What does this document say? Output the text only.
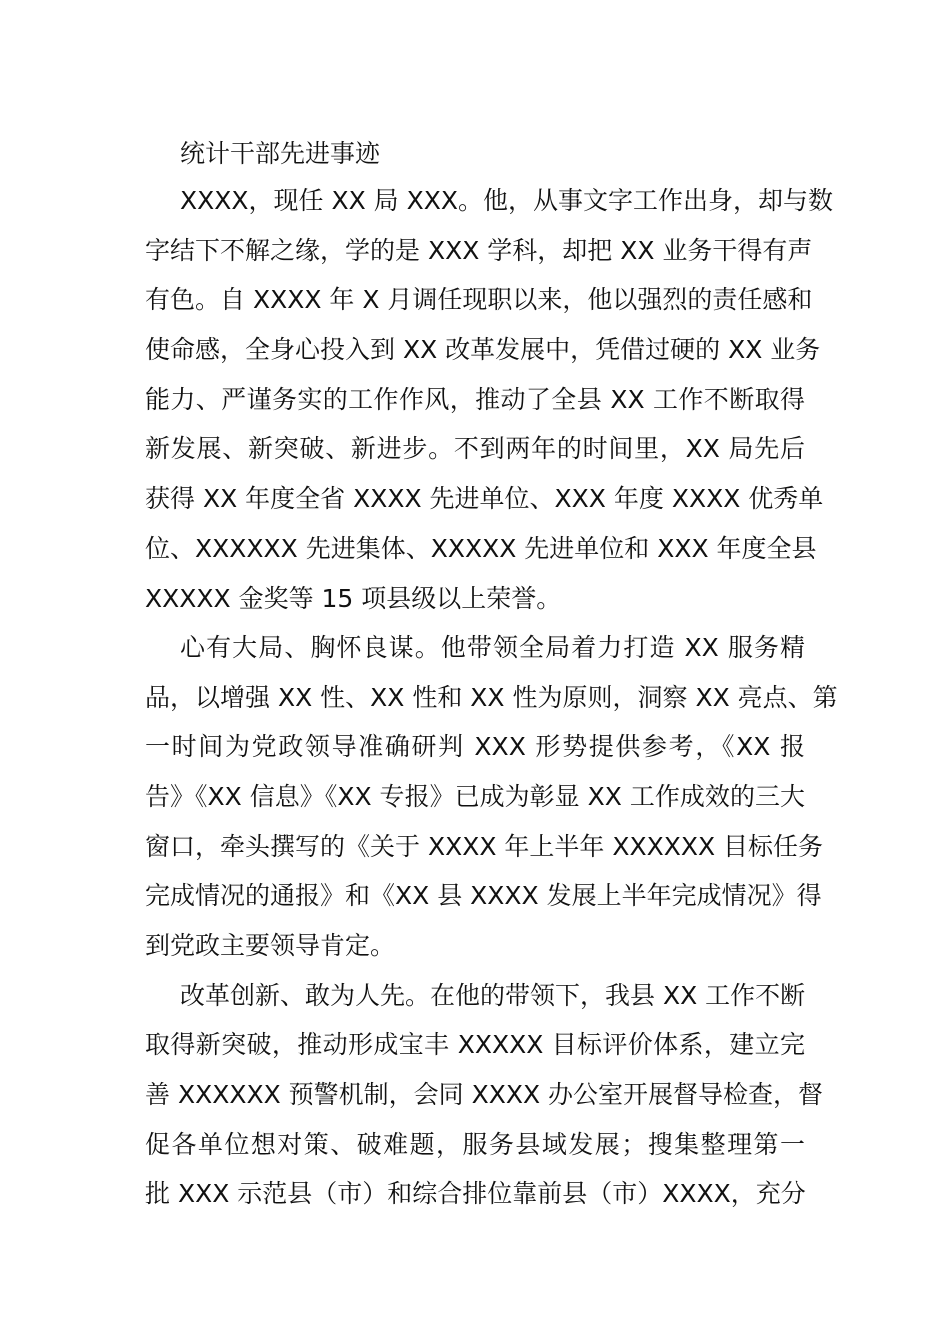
统计干部先进事迹
XXXX，现任 XX 局 XXX。他，从事文字工作出身，却与数
字结下不解之缘，学的是 XXX 学科，却把 XX 业务干得有声
有色。自 XXXX 年 X 月调任现职以来，他以强烈的责任感和
使命感，全身心投入到 XX 改革发展中，凭借过硬的 XX 业务
能力、严谨务实的工作作风，推动了全县 XX 工作不断取得
新发展、新突破、新进步。不到两年的时间里，XX 局先后
获得 XX 年度全省 XXXX 先进单位、XXX 年度 XXXX 优秀单
位、XXXXXX 先进集体、XXXXX 先进单位和 XXX 年度全县
XXXXX 金奖等 15 项县级以上荣誉。
心有大局、胸怀良谋。他带领全局着力打造 XX 服务精
品，以增强 XX 性、XX 性和 XX 性为原则，洞察 XX 亮点、第
一时间为党政领导准确研判 XXX 形势提供参考，《XX 报
告》《XX 信息》《XX 专报》已成为彰显 XX 工作成效的三大
窗口，牵头撰写的《关于 XXXX 年上半年 XXXXXX 目标任务
完成情况的通报》和《XX 县 XXXX 发展上半年完成情况》得
到党政主要领导肯定。
改革创新、敢为人先。在他的带领下，我县 XX 工作不断
取得新突破，推动形成宝丰 XXXXX 目标评价体系，建立完
善 XXXXXX 预警机制，会同 XXXX 办公室开展督导检查，督
促各单位想对策、破难题，服务县域发展；搜集整理第一
批 XXX 示范县（市）和综合排位靠前县（市）XXXX，充分
